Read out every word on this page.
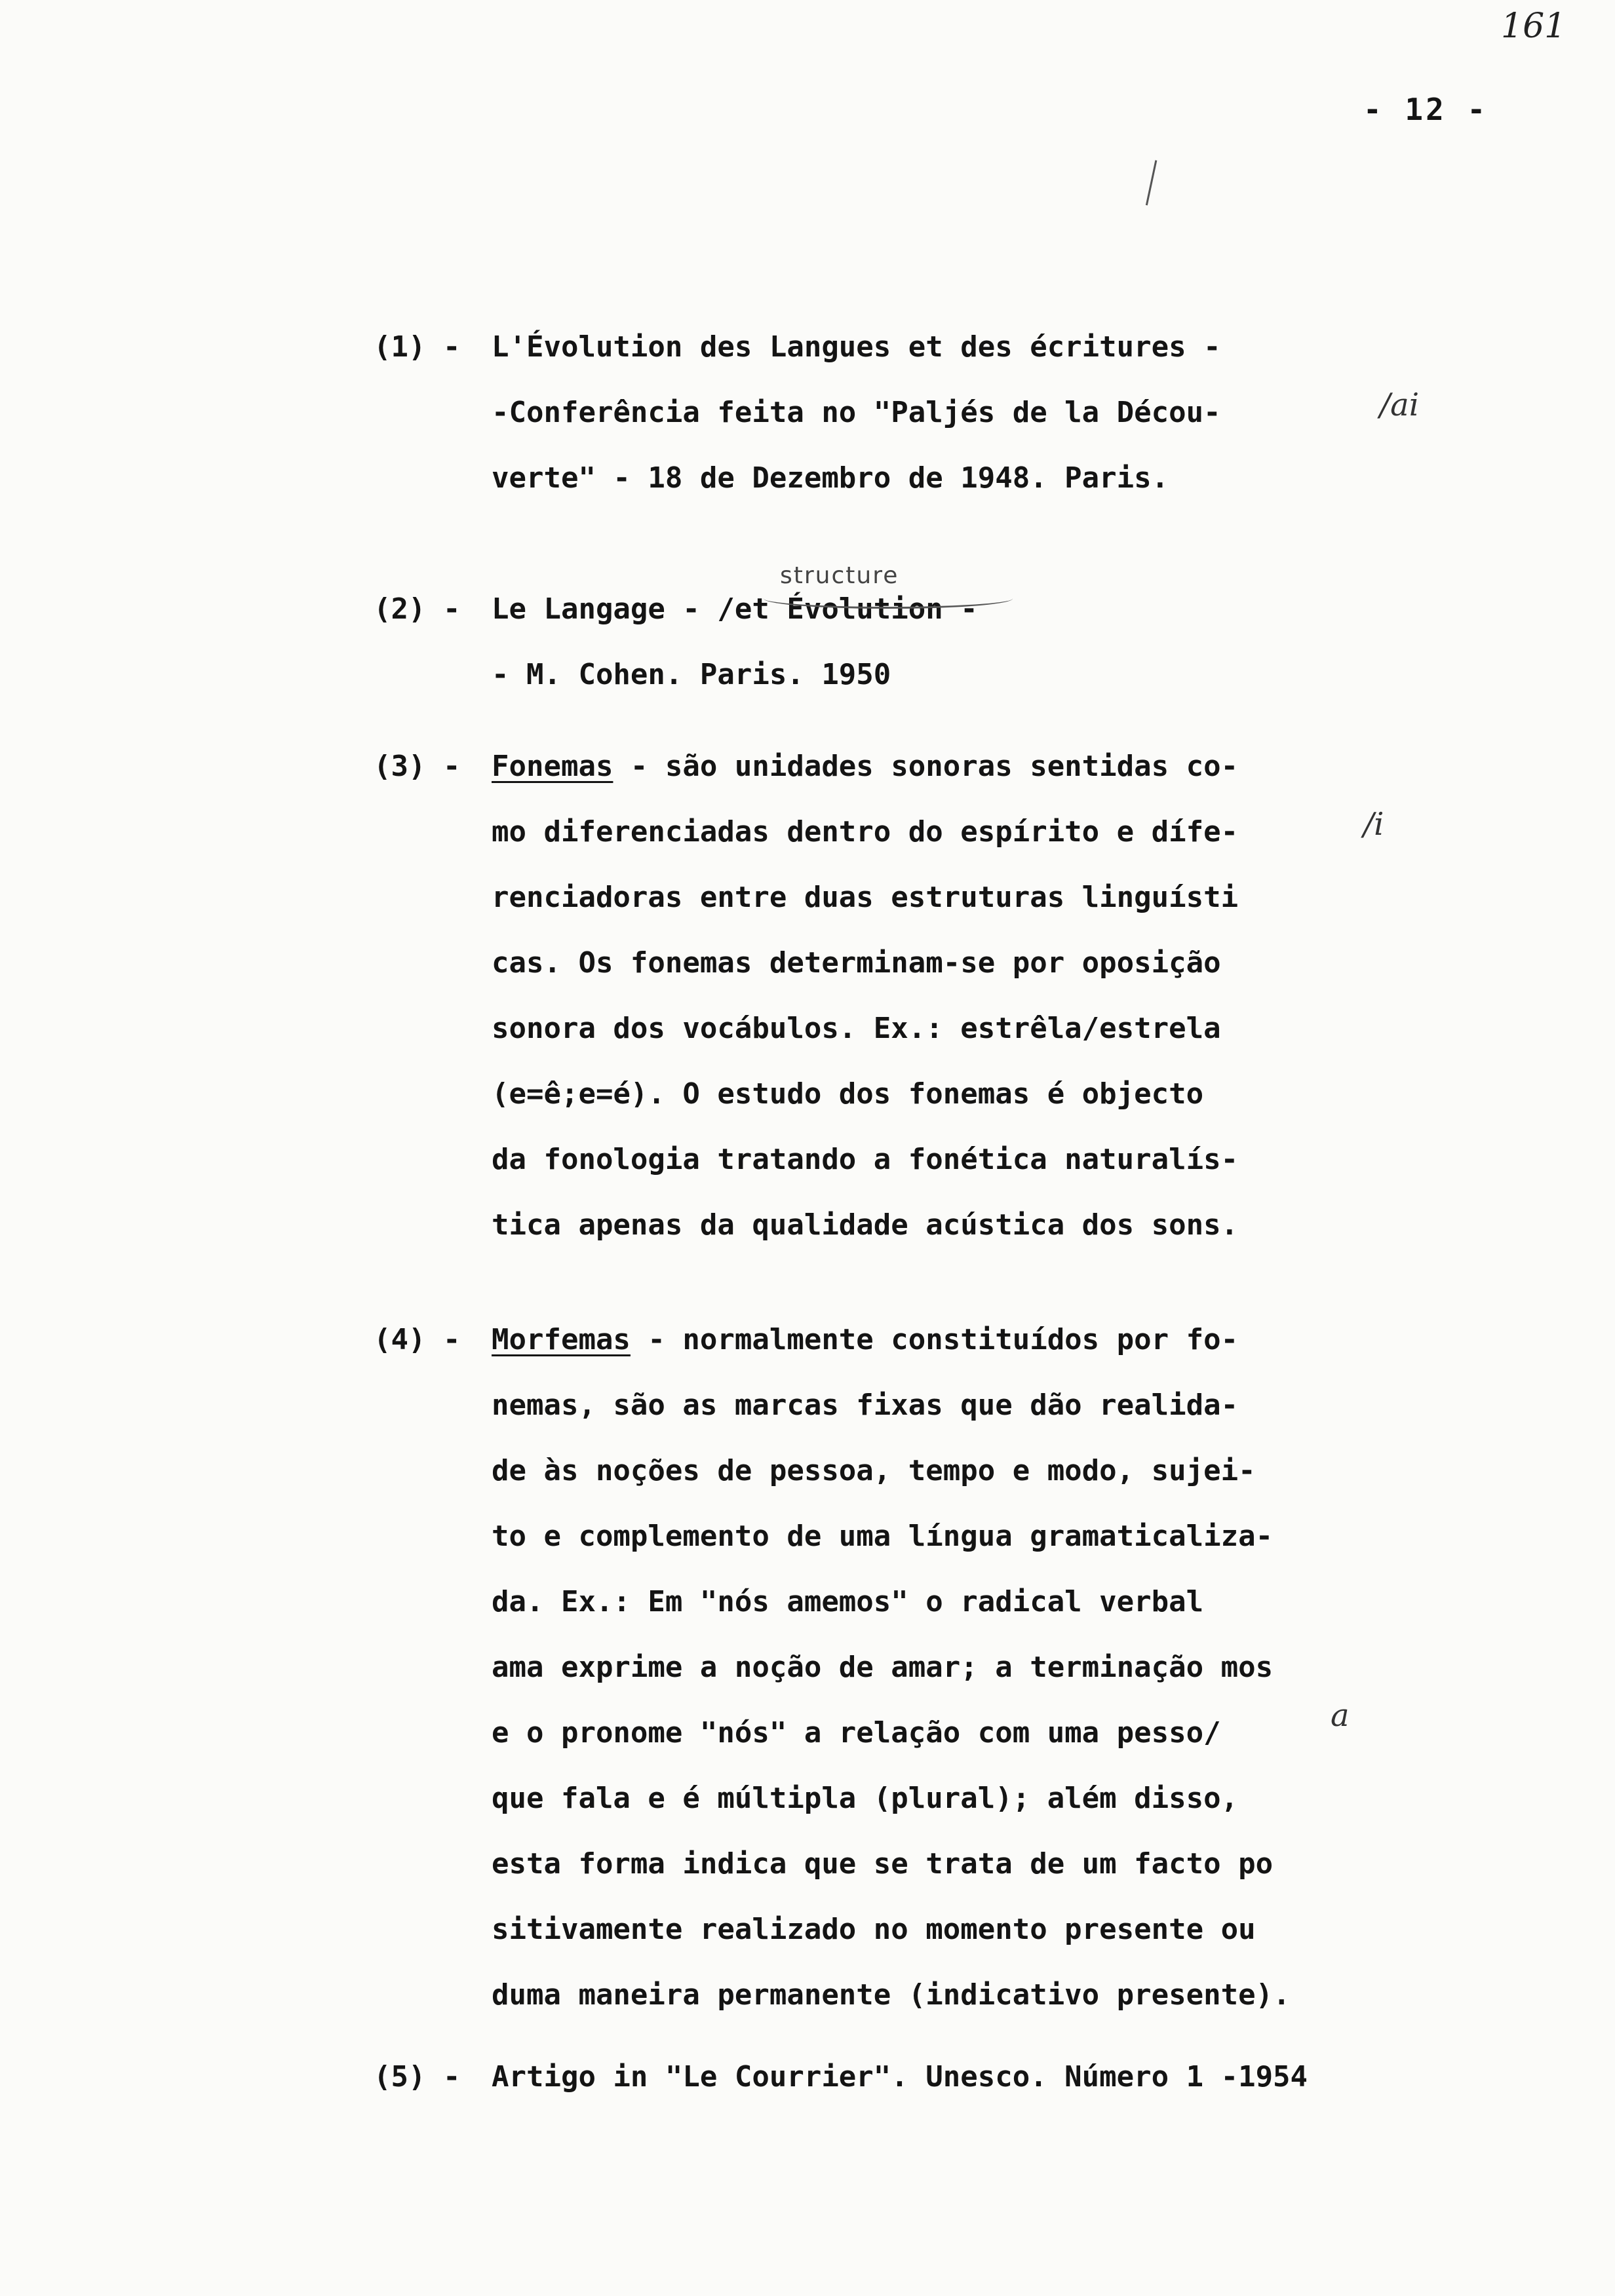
161
- 12 -
(1) -	L'Évolution des Langues et des écritures -
-Conferência feita no "Paljés de la Décou-
verte" - 18 de Dezembro de 1948. Paris.
/ai
(2) -	Le Langage - /et Évolution -
- M. Cohen. Paris. 1950
structure
(3) -	Fonemas - são unidades sonoras sentidas co-
mo diferenciadas dentro do espírito e dífe-
renciadoras entre duas estruturas linguísti
cas. Os fonemas determinam-se por oposição
sonora dos vocábulos. Ex.: estrêla/estrela
(e=ê;e=é). O estudo dos fonemas é objecto
da fonologia tratando a fonética naturalís-
tica apenas da qualidade acústica dos sons.
/i
(4) -	Morfemas - normalmente constituídos por fo-
nemas, são as marcas fixas que dão realida-
de às noções de pessoa, tempo e modo, sujei-
to e complemento de uma língua gramaticaliza-
da. Ex.: Em "nós amemos" o radical verbal
ama exprime a noção de amar; a terminação mos
e o pronome "nós" a relação com uma pesso/
que fala e é múltipla (plural); além disso,
esta forma indica que se trata de um facto po
sitivamente realizado no momento presente ou
duma maneira permanente (indicativo presente).
a
(5) -	Artigo in "Le Courrier". Unesco. Número 1 -1954
